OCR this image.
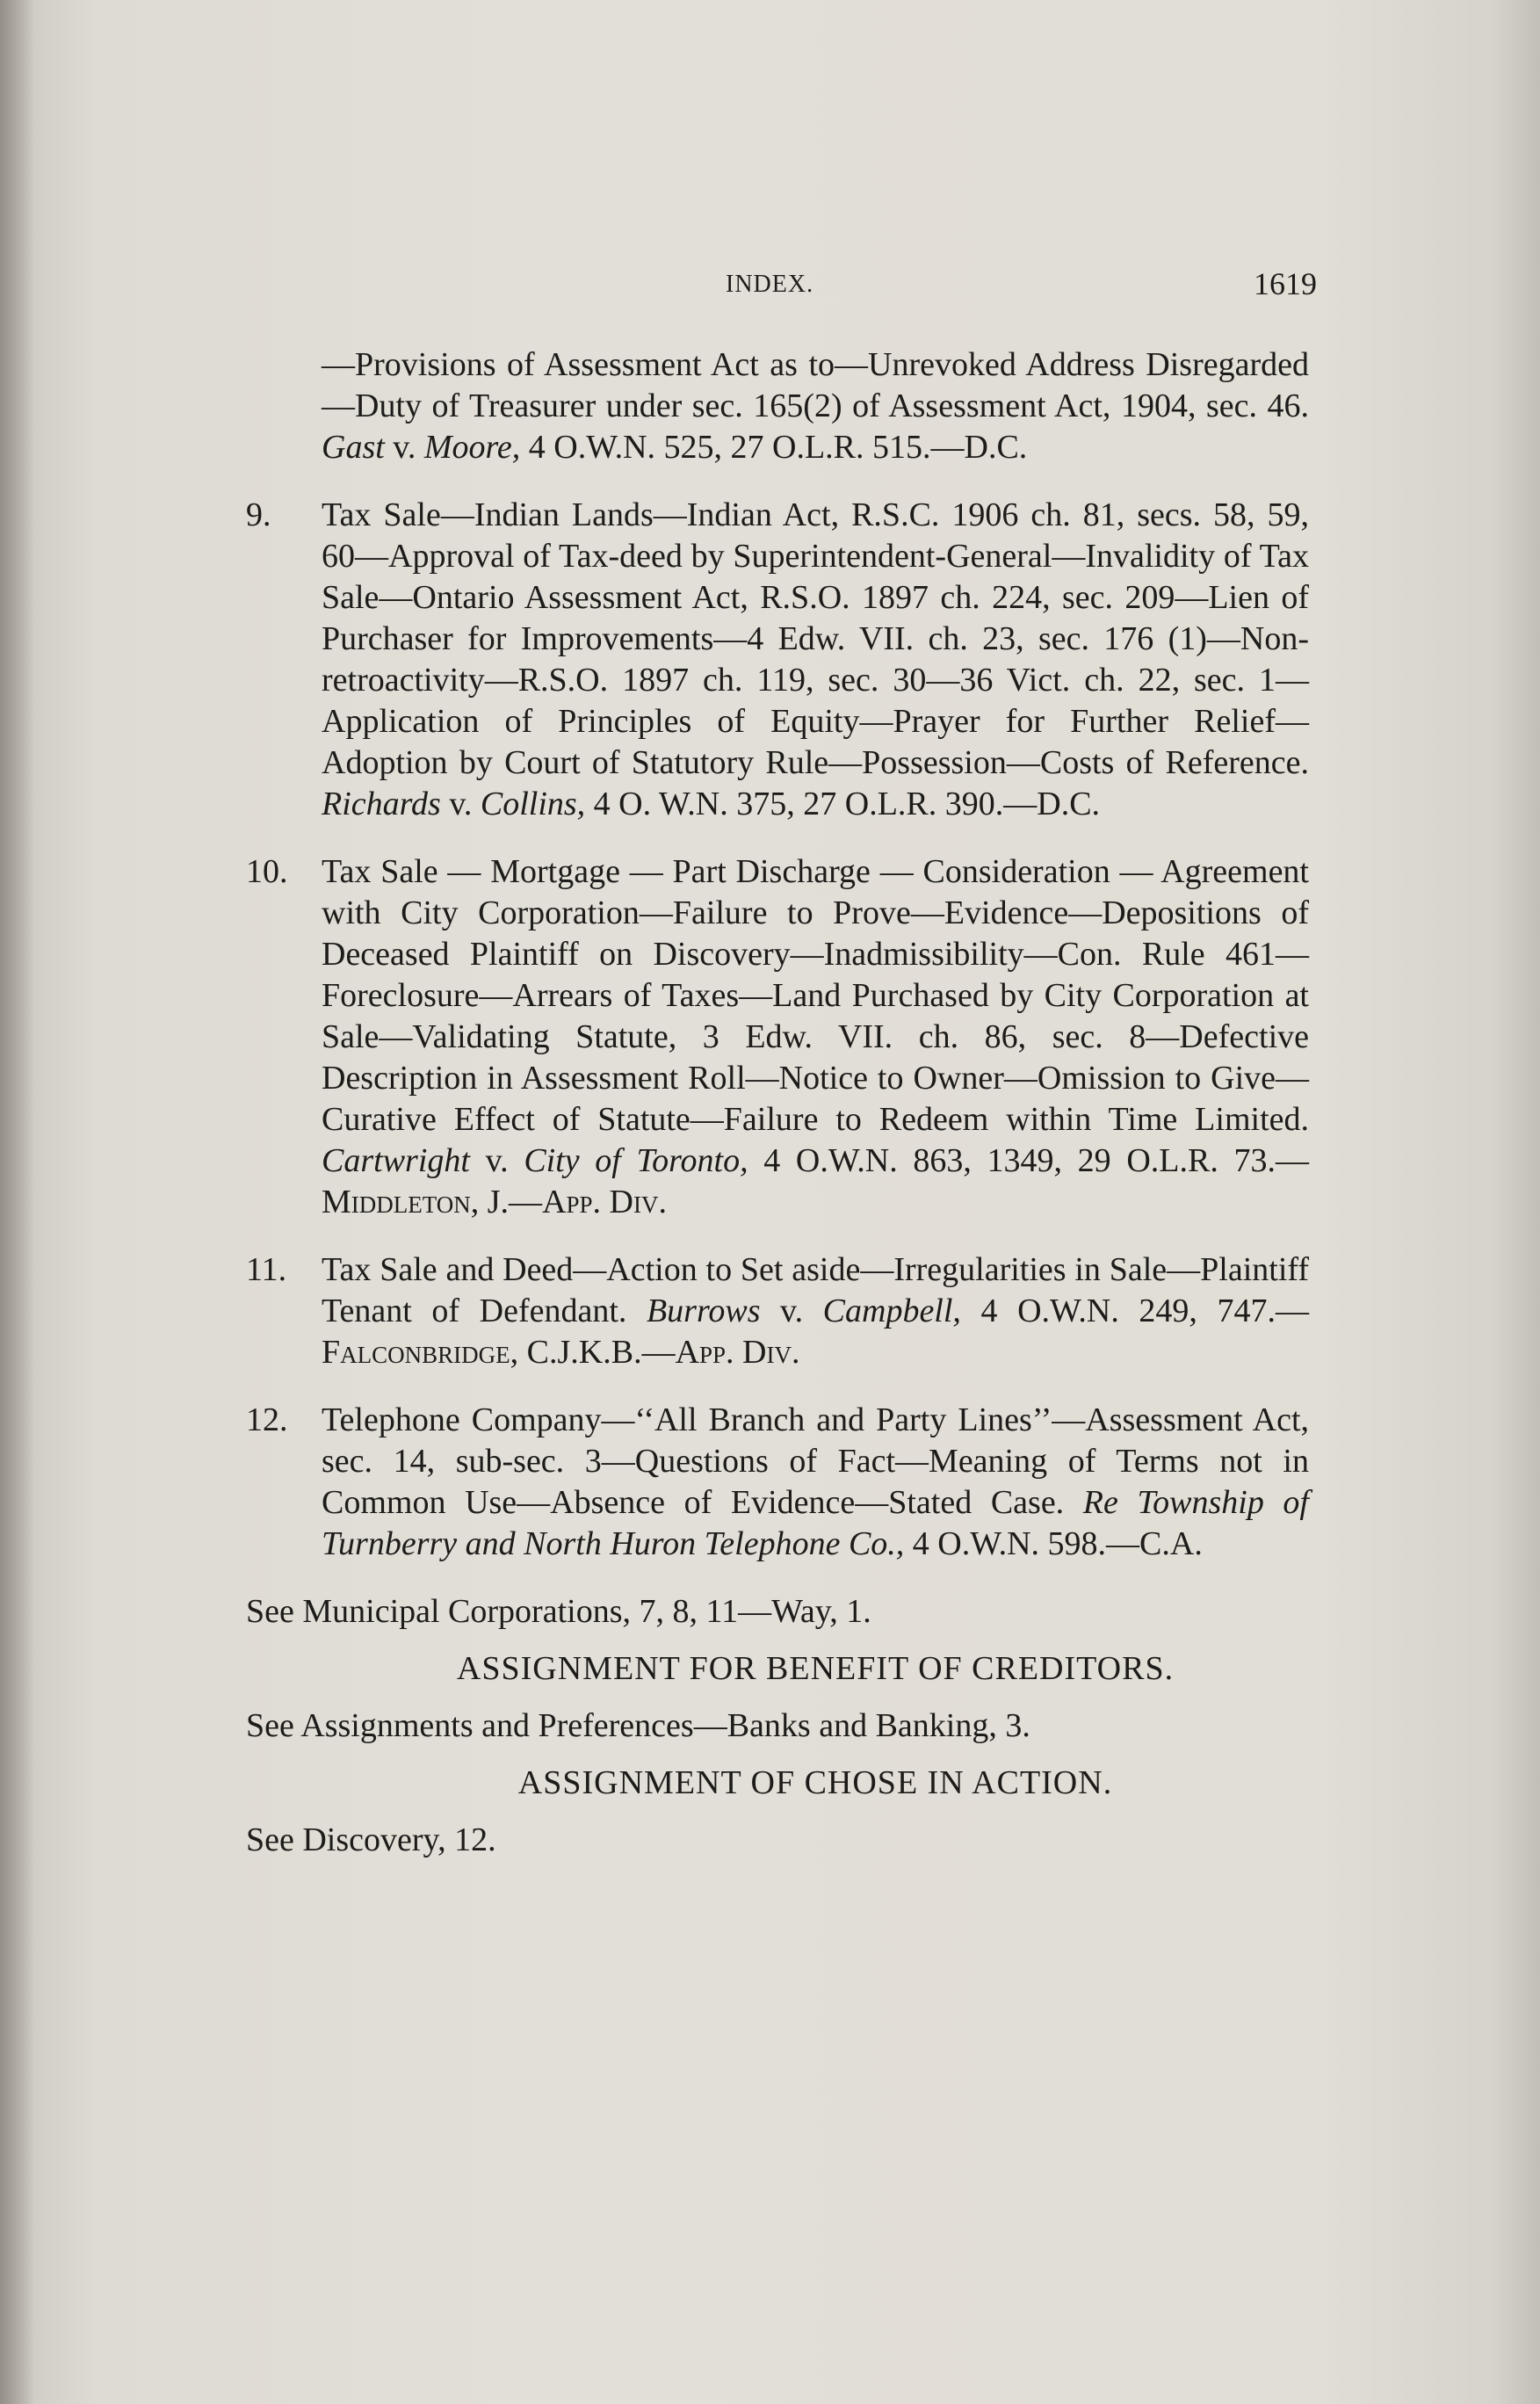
INDEX.	1619
—Provisions of Assessment Act as to—Unrevoked Address Disregarded—Duty of Treasurer under sec. 165(2) of Assessment Act, 1904, sec. 46. Gast v. Moore, 4 O.W.N. 525, 27 O.L.R. 515.—D.C.
9.	Tax Sale—Indian Lands—Indian Act, R.S.C. 1906 ch. 81, secs. 58, 59, 60—Approval of Tax-deed by Superintendent-General—Invalidity of Tax Sale—Ontario Assessment Act, R.S.O. 1897 ch. 224, sec. 209—Lien of Purchaser for Improvements—4 Edw. VII. ch. 23, sec. 176 (1)—Non-retroactivity—R.S.O. 1897 ch. 119, sec. 30—36 Vict. ch. 22, sec. 1—Application of Principles of Equity—Prayer for Further Relief—Adoption by Court of Statutory Rule—Possession—Costs of Reference. Richards v. Collins, 4 O. W.N. 375, 27 O.L.R. 390.—D.C.
10.	Tax Sale — Mortgage — Part Discharge — Consideration — Agreement with City Corporation—Failure to Prove—Evidence—Depositions of Deceased Plaintiff on Discovery—Inadmissibility—Con. Rule 461—Foreclosure—Arrears of Taxes—Land Purchased by City Corporation at Sale—Validating Statute, 3 Edw. VII. ch. 86, sec. 8—Defective Description in Assessment Roll—Notice to Owner—Omission to Give—Curative Effect of Statute—Failure to Redeem within Time Limited. Cartwright v. City of Toronto, 4 O.W.N. 863, 1349, 29 O.L.R. 73.—Middleton, J.—App. Div.
11.	Tax Sale and Deed—Action to Set aside—Irregularities in Sale—Plaintiff Tenant of Defendant. Burrows v. Campbell, 4 O.W.N. 249, 747.—Falconbridge, C.J.K.B.—App. Div.
12.	Telephone Company—‘‘All Branch and Party Lines’’—Assessment Act, sec. 14, sub-sec. 3—Questions of Fact—Meaning of Terms not in Common Use—Absence of Evidence—Stated Case. Re Township of Turnberry and North Huron Telephone Co., 4 O.W.N. 598.—C.A.
See Municipal Corporations, 7, 8, 11—Way, 1.
ASSIGNMENT FOR BENEFIT OF CREDITORS.
See Assignments and Preferences—Banks and Banking, 3.
ASSIGNMENT OF CHOSE IN ACTION.
See Discovery, 12.
